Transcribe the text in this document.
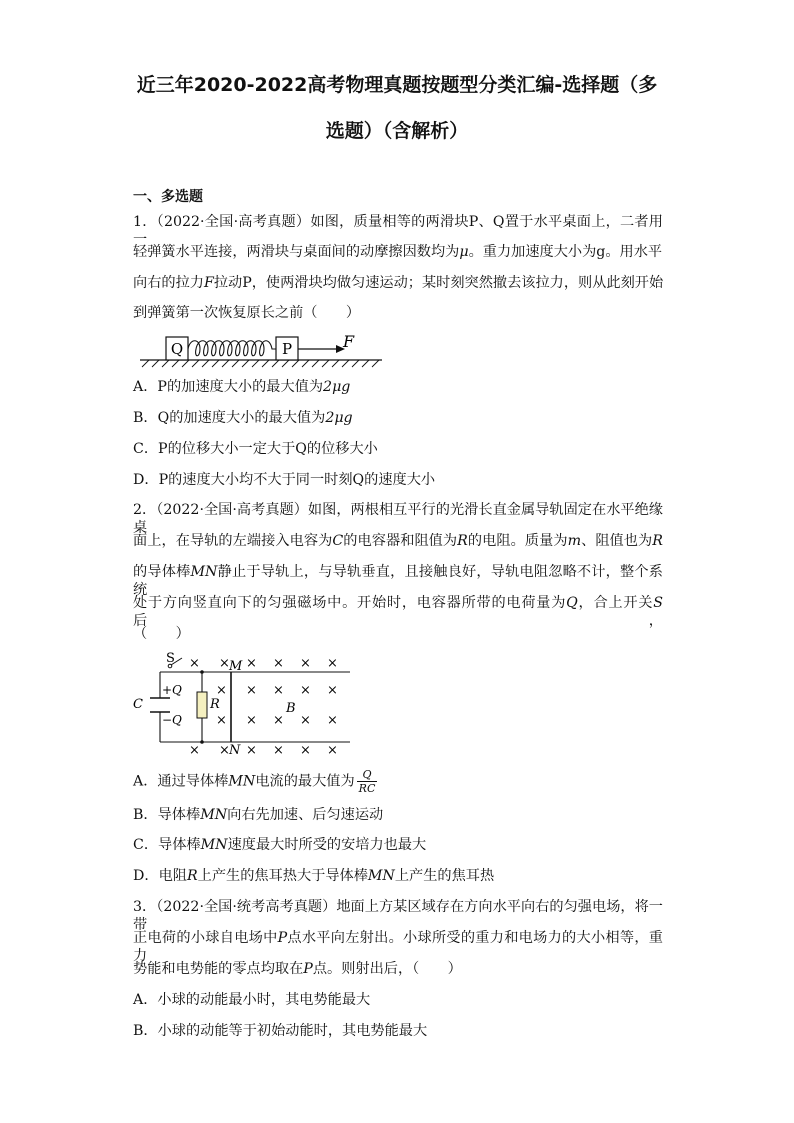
近三年2020-2022高考物理真题按题型分类汇编-选择题（多
选题）（含解析）
一、多选题
1．（2022·全国·高考真题）如图，质量相等的两滑块P、Q置于水平桌面上，二者用一
轻弹簧水平连接，两滑块与桌面间的动摩擦因数均为μ。重力加速度大小为g。用水平
向右的拉力F拉动P，使两滑块均做匀速运动；某时刻突然撤去该拉力，则从此刻开始
到弹簧第一次恢复原长之前（　　）
Q	P	F
A．P的加速度大小的最大值为2μg
B．Q的加速度大小的最大值为2μg
C．P的位移大小一定大于Q的位移大小
D．P的速度大小均不大于同一时刻Q的速度大小
2．（2022·全国·高考真题）如图，两根相互平行的光滑长直金属导轨固定在水平绝缘桌
面上，在导轨的左端接入电容为C的电容器和阻值为R的电阻。质量为m、阻值也为R
的导体棒MN静止于导轨上，与导轨垂直，且接触良好，导轨电阻忽略不计，整个系统
处于方向竖直向下的匀强磁场中。开始时，电容器所带的电荷量为Q，合上开关S后，
（　　）
S
R
M
N
C
+Q
−Q
B
× × × × × ×
× × × × ×
× × × × ×
× × × × × ×
A．通过导体棒MN电流的最大值为 $\frac{Q}{RC}$
B．导体棒MN向右先加速、后匀速运动
C．导体棒MN速度最大时所受的安培力也最大
D．电阻R上产生的焦耳热大于导体棒MN上产生的焦耳热
3．（2022·全国·统考高考真题）地面上方某区域存在方向水平向右的匀强电场，将一带
正电荷的小球自电场中P点水平向左射出。小球所受的重力和电场力的大小相等，重力
势能和电势能的零点均取在P点。则射出后，（　　）
A．小球的动能最小时，其电势能最大
B．小球的动能等于初始动能时，其电势能最大
